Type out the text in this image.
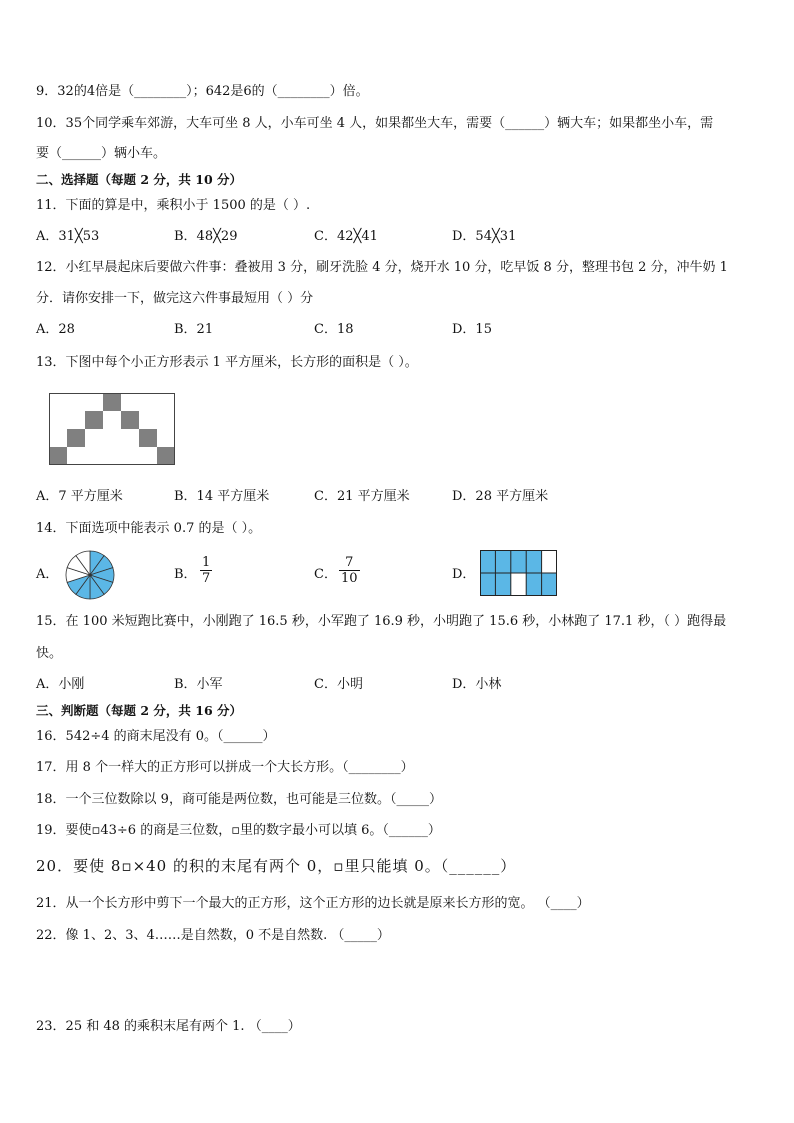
9．32的4倍是（________）；642是6的（________）倍。
10．35个同学乘车郊游，大车可坐 8 人，小车可坐 4 人，如果都坐大车，需要（______）辆大车；如果都坐小车，需
要（______）辆小车。
二、选择题（每题 2 分，共 10 分）
11．下面的算是中，乘积小于 1500 的是（ ）.
A．31╳53	B．48╳29	C．42╳41	D．54╳31
12．小红早晨起床后要做六件事：叠被用 3 分，刷牙洗脸 4 分，烧开水 10 分，吃早饭 8 分，整理书包 2 分，冲牛奶 1
分．请你安排一下，做完这六件事最短用（ ）分
A．28	B．21	C．18	D．15
13．下图中每个小正方形表示 1 平方厘米，长方形的面积是（ ）。
A．7 平方厘米	B．14 平方厘米	C．21 平方厘米	D．28 平方厘米
14．下面选项中能表示 0.7 的是（ ）。
A．	B．
1
7	C．
7
10	D．
15．在 100 米短跑比赛中，小刚跑了 16.5 秒，小军跑了 16.9 秒，小明跑了 15.6 秒，小林跑了 17.1 秒，（ ）跑得最
快。
A．小刚	B．小军	C．小明	D．小林
三、判断题（每题 2 分，共 16 分）
16．542÷4 的商末尾没有 0。（______）
17．用 8 个一样大的正方形可以拼成一个大长方形。（________）
18．一个三位数除以 9，商可能是两位数，也可能是三位数。（_____）
19．要使▫43÷6 的商是三位数，▫里的数字最小可以填 6。（______）
20．要使 8▫×40 的积的末尾有两个 0，▫里只能填 0。（______）
21．从一个长方形中剪下一个最大的正方形，这个正方形的边长就是原来长方形的宽。 （____）
22．像 1、2、3、4……是自然数，0 不是自然数. （_____）
23．25 和 48 的乘积末尾有两个 1. （____）
